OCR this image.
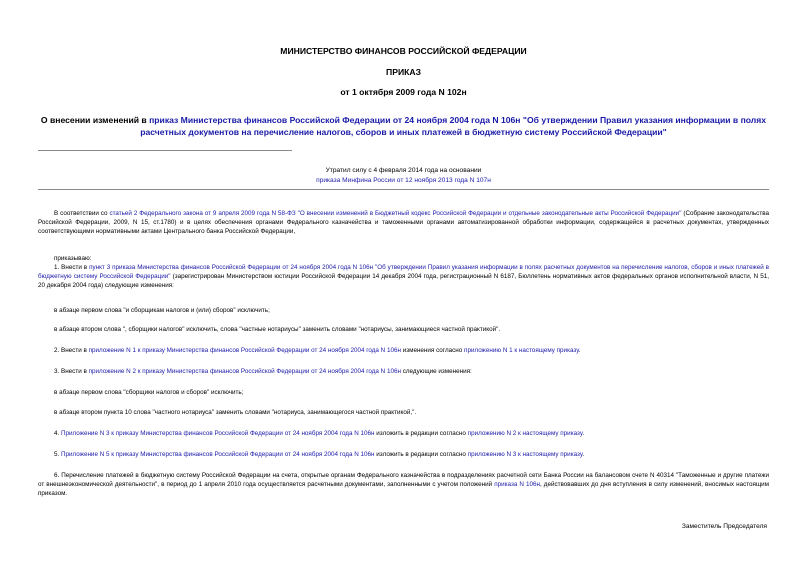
МИНИСТЕРСТВО ФИНАНСОВ РОССИЙСКОЙ ФЕДЕРАЦИИ
ПРИКАЗ
от 1 октября 2009 года N 102н
О внесении изменений в приказ Министерства финансов Российской Федерации от 24 ноября 2004 года N 106н "Об утверждении Правил указания информации в полях расчетных документов на перечисление налогов, сборов и иных платежей в бюджетную систему Российской Федерации"
Утратил силу с 4 февраля 2014 года на основании
приказа Минфина России от 12 ноября 2013 года N 107н
В соответствии со статьей 2 Федерального закона от 9 апреля 2009 года N 58-ФЗ "О внесении изменений в Бюджетный кодекс Российской Федерации и отдельные законодательные акты Российской Федерации" (Собрание законодательства Российской Федерации, 2009, N 15, ст.1780) и в целях обеспечения органами Федерального казначейства и таможенными органами автоматизированной обработки информации, содержащейся в расчетных документах, утвержденных соответствующими нормативными актами Центрального банка Российской Федерации,
приказываю:
1. Внести в пункт 3 приказа Министерства финансов Российской Федерации от 24 ноября 2004 года N 106н "Об утверждении Правил указания информации в полях расчетных документов на перечисление налогов, сборов и иных платежей в бюджетную систему Российской Федерации" (зарегистрирован Министерством юстиции Российской Федерации 14 декабря 2004 года, регистрационный N 6187, Бюллетень нормативных актов федеральных органов исполнительной власти, N 51, 20 декабря 2004 года) следующие изменения:
в абзаце первом слова "и сборщикам налогов и (или) сборов" исключить;
в абзаце втором слова ", сборщики налогов" исключить, слова "частные нотариусы" заменить словами "нотариусы, занимающиеся частной практикой".
2. Внести в приложение N 1 к приказу Министерства финансов Российской Федерации от 24 ноября 2004 года N 106н изменения согласно приложению N 1 к настоящему приказу.
3. Внести в приложение N 2 к приказу Министерства финансов Российской Федерации от 24 ноября 2004 года N 106н следующие изменения:
в абзаце первом слова "сборщики налогов и сборов" исключить;
в абзаце втором пункта 10 слова "частного нотариуса" заменить словами "нотариуса, занимающегося частной практикой,".
4. Приложение N 3 к приказу Министерства финансов Российской Федерации от 24 ноября 2004 года N 106н изложить в редакции согласно приложению N 2 к настоящему приказу.
5. Приложение N 5 к приказу Министерства финансов Российской Федерации от 24 ноября 2004 года N 106н изложить в редакции согласно приложению N 3 к настоящему приказу.
6. Перечисление платежей в бюджетную систему Российской Федерации на счета, открытые органам Федерального казначейства в подразделениях расчетной сети Банка России на балансовом счете N 40314 "Таможенные и другие платежи от внешнеэкономической деятельности", в период до 1 апреля 2010 года осуществляется расчетными документами, заполненными с учетом положений приказа N 106н, действовавших до дня вступления в силу изменений, вносимых настоящим приказом.
Заместитель Председателя
